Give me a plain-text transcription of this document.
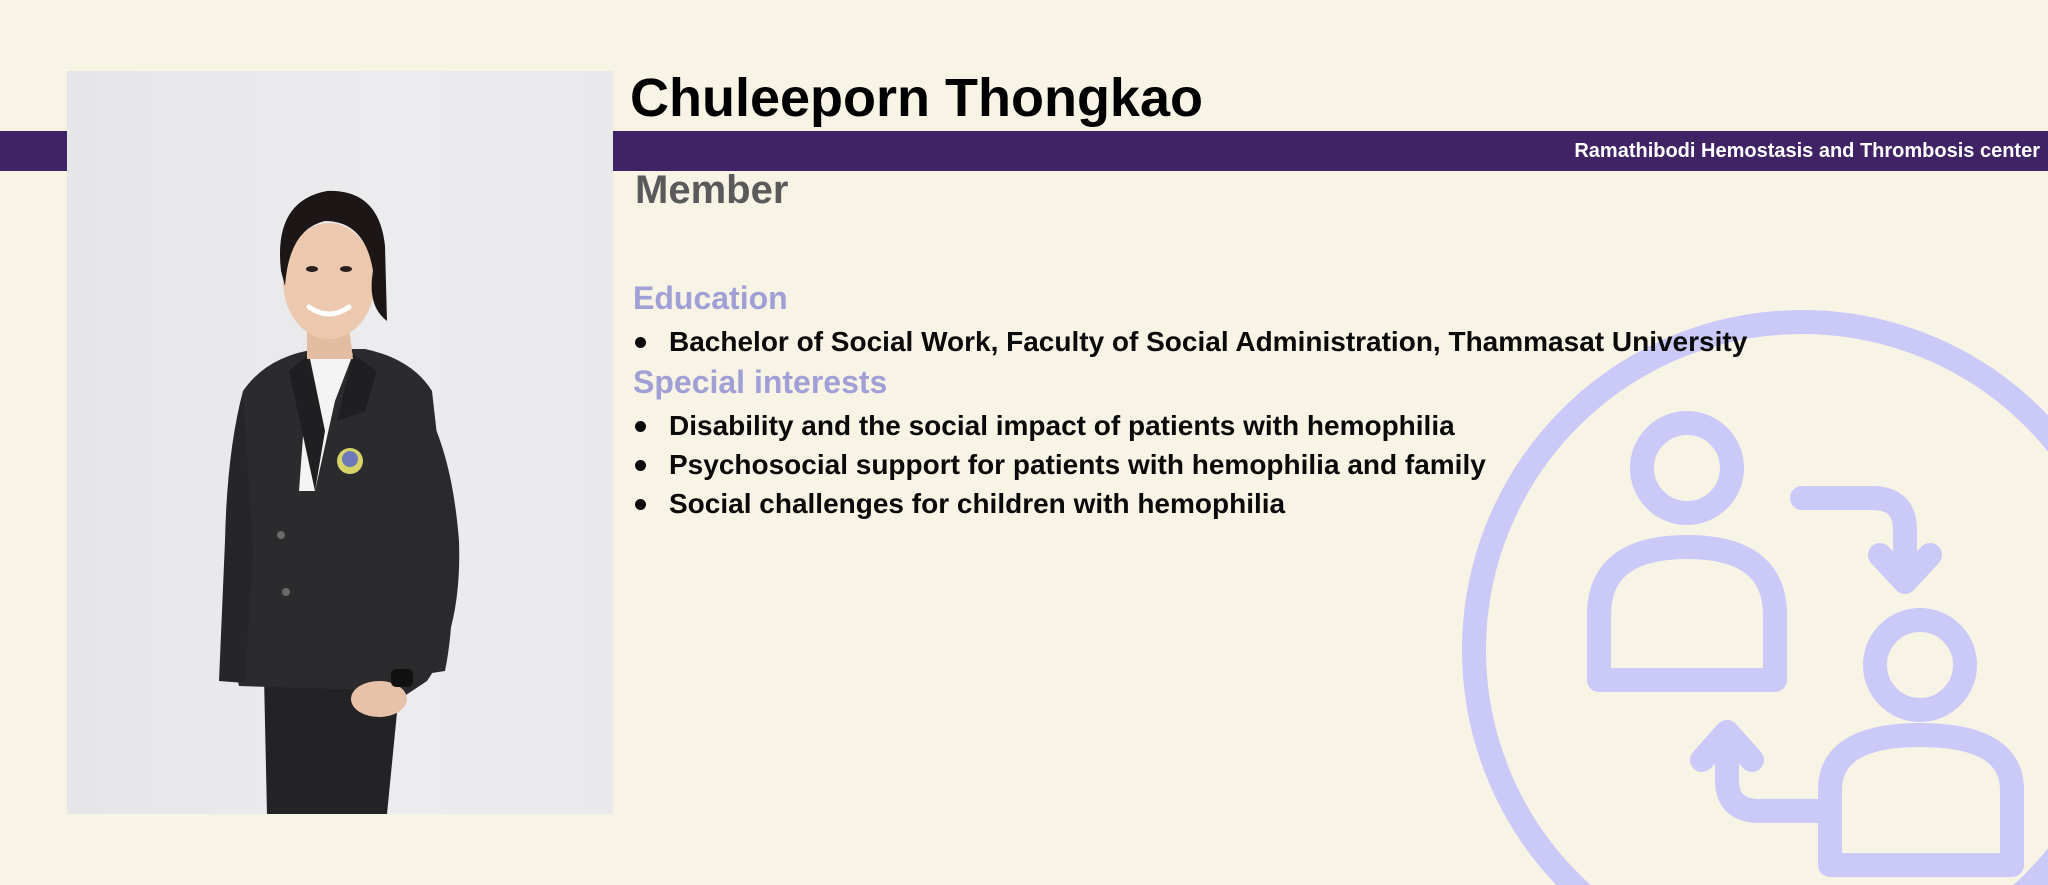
Ramathibodi Hemostasis and Thrombosis center
Chuleeporn Thongkao
Member
Education
Bachelor of Social Work, Faculty of Social Administration, Thammasat University
Special interests
Disability and the social impact of patients with hemophilia
Psychosocial support for patients with hemophilia and family
Social challenges for children with hemophilia
